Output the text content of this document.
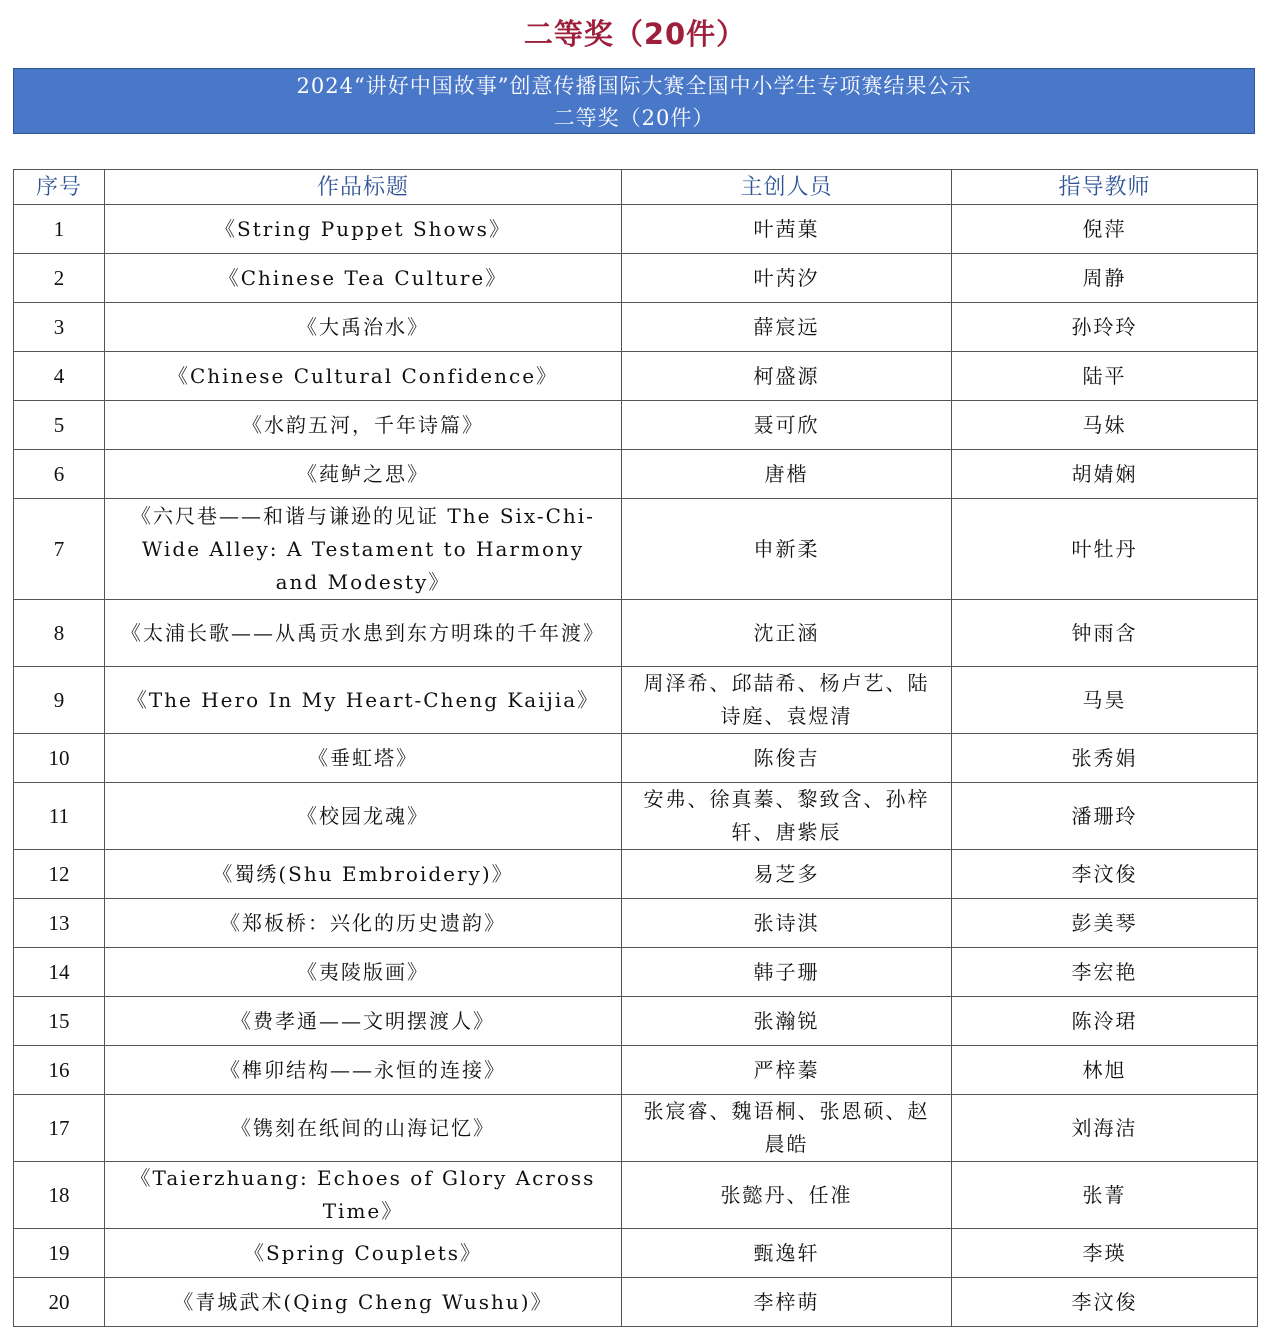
二等奖（20件）
2024“讲好中国故事”创意传播国际大赛全国中小学生专项赛结果公示
二等奖（20件）
序号	作品标题	主创人员	指导教师
1	《String Puppet Shows》	叶茜菓	倪萍
2	《Chinese Tea Culture》	叶芮汐	周静
3	《大禹治水》	薛宸远	孙玲玲
4	《Chinese Cultural Confidence》	柯盛源	陆平
5	《水韵五河，千年诗篇》	聂可欣	马妹
6	《莼鲈之思》	唐楷	胡婧娴
7	《六尺巷——和谐与谦逊的见证 The Six-Chi-Wide Alley: A Testament to Harmony and Modesty》	申新柔	叶牡丹
8	《太浦长歌——从禹贡水患到东方明珠的千年渡》	沈正涵	钟雨含
9	《The Hero In My Heart-Cheng Kaijia》	周泽希、邱喆希、杨卢艺、陆诗庭、袁煜清	马昊
10	《垂虹塔》	陈俊吉	张秀娟
11	《校园龙魂》	安弗、徐真蓁、黎致含、孙梓轩、唐紫辰	潘珊玲
12	《蜀绣(Shu Embroidery)》	易芝多	李汶俊
13	《郑板桥：兴化的历史遗韵》	张诗淇	彭美琴
14	《夷陵版画》	韩子珊	李宏艳
15	《费孝通——文明摆渡人》	张瀚锐	陈泠珺
16	《榫卯结构——永恒的连接》	严梓蓁	林旭
17	《镌刻在纸间的山海记忆》	张宸睿、魏语桐、张恩硕、赵晨皓	刘海洁
18	《Taierzhuang: Echoes of Glory Across Time》	张懿丹、任准	张菁
19	《Spring Couplets》	甄逸轩	李瑛
20	《青城武术(Qing Cheng Wushu)》	李梓萌	李汶俊
